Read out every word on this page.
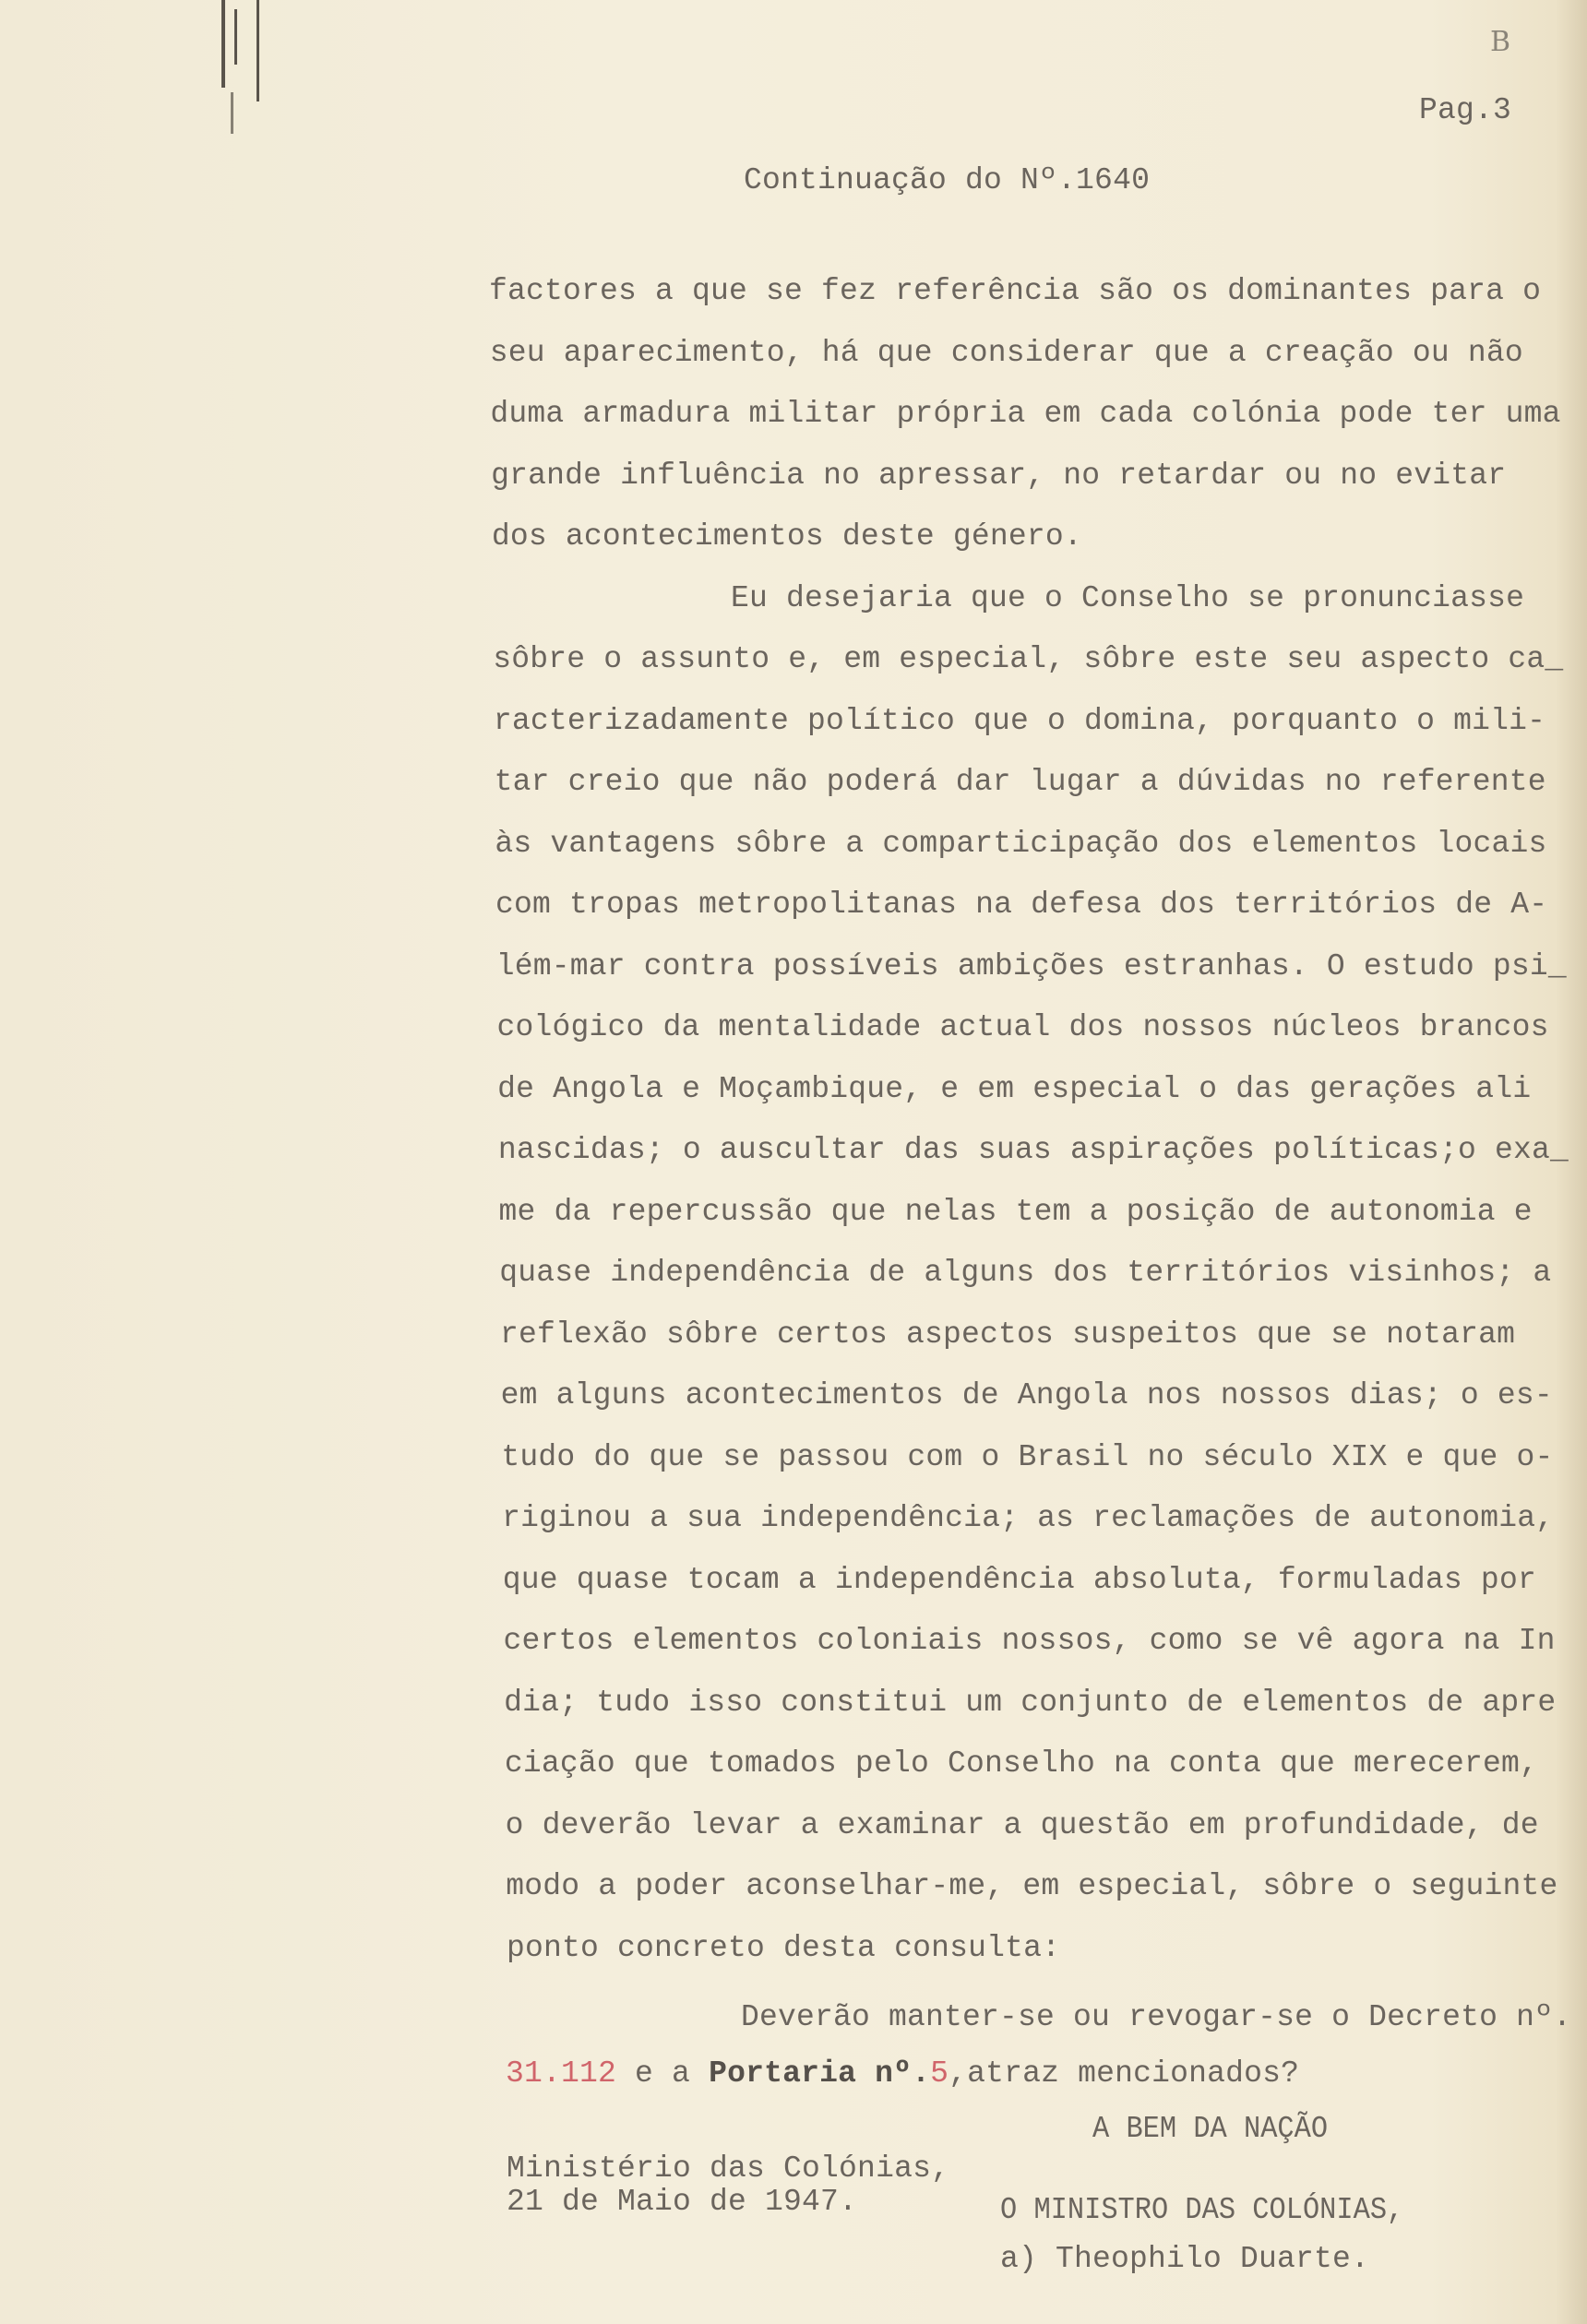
B
Pag.3
Continuação do Nº.1640
factores a que se fez referência são os dominantes para o
seu aparecimento, há que considerar que a creação ou não
duma armadura militar própria em cada colónia pode ter uma
grande influência no apressar, no retardar ou no evitar
dos acontecimentos deste género.
Eu desejaria que o Conselho se pronunciasse
sôbre o assunto e, em especial, sôbre este seu aspecto ca_
racterizadamente político que o domina, porquanto o mili-
tar creio que não poderá dar lugar a dúvidas no referente
às vantagens sôbre a comparticipação dos elementos locais
com tropas metropolitanas na defesa dos territórios de A-
lém-mar contra possíveis ambições estranhas. O estudo psi_
cológico da mentalidade actual dos nossos núcleos brancos
de Angola e Moçambique, e em especial o das gerações ali
nascidas; o auscultar das suas aspirações políticas;o exa_
me da repercussão que nelas tem a posição de autonomia e
quase independência de alguns dos territórios visinhos; a
reflexão sôbre certos aspectos suspeitos que se notaram
em alguns acontecimentos de Angola nos nossos dias; o es-
tudo do que se passou com o Brasil no século XIX e que o-
riginou a sua independência; as reclamações de autonomia,
que quase tocam a independência absoluta, formuladas por
certos elementos coloniais nossos, como se vê agora na In
dia; tudo isso constitui um conjunto de elementos de apre
ciação que tomados pelo Conselho na conta que merecerem,
o deverão levar a examinar a questão em profundidade, de
modo a poder aconselhar-me, em especial, sôbre o seguinte
ponto concreto desta consulta:
Deverão manter-se ou revogar-se o Decreto nº.
31.112 e a Portaria nº.5,atraz mencionados?
A BEM DA NAÇÃO
Ministério das Colónias,
21 de Maio de 1947.	O MINISTRO DAS COLÓNIAS,
a) Theophilo Duarte.
